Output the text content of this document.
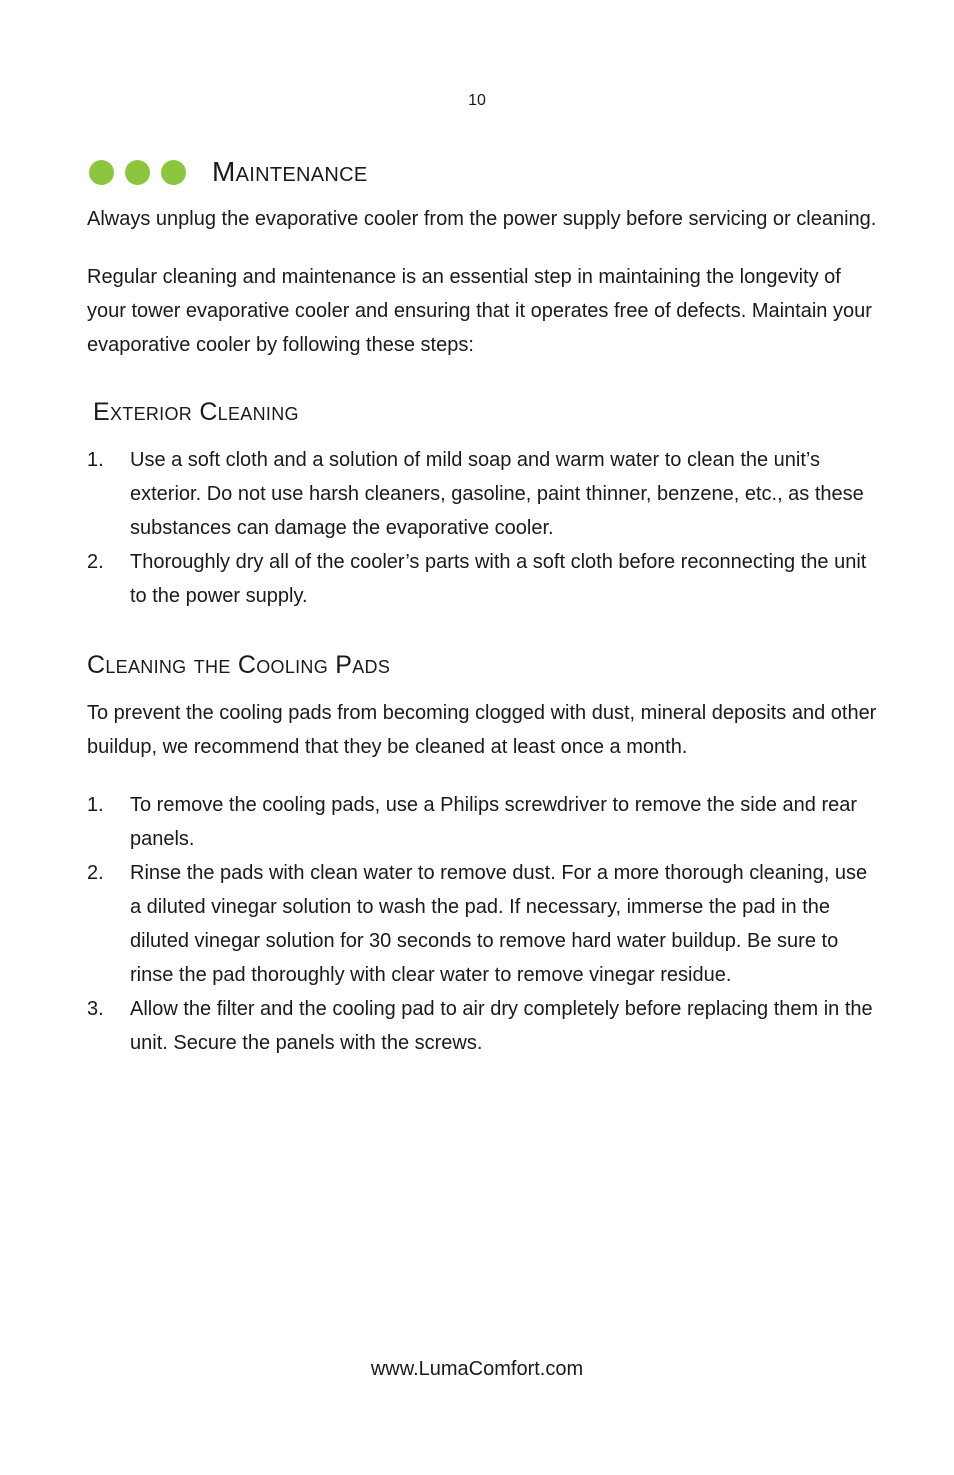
10
Maintenance

Always unplug the evaporative cooler from the power supply before servicing or cleaning.

Regular cleaning and maintenance is an essential step in maintaining the longevity of your tower evaporative cooler and ensuring that it operates free of defects. Maintain your evaporative cooler by following these steps:

Exterior Cleaning
1.	Use a soft cloth and a solution of mild soap and warm water to clean the unit’s exterior. Do not use harsh cleaners, gasoline, paint thinner, benzene, etc., as these substances can damage the evaporative cooler.
2.	Thoroughly dry all of the cooler’s parts with a soft cloth before reconnecting the unit to the power supply.
Cleaning the Cooling Pads

To prevent the cooling pads from becoming clogged with dust, mineral deposits and other buildup, we recommend that they be cleaned at least once a month.

1.	To remove the cooling pads, use a Philips screwdriver to remove the side and rear panels.
2.	Rinse the pads with clean water to remove dust. For a more thorough cleaning, use a diluted vinegar solution to wash the pad. If necessary, immerse the pad in the diluted vinegar solution for 30 seconds to remove hard water buildup. Be sure to rinse the pad thoroughly with clear water to remove vinegar residue.
3.	Allow the filter and the cooling pad to air dry completely before replacing them in the unit. Secure the panels with the screws.
www.LumaComfort.com
